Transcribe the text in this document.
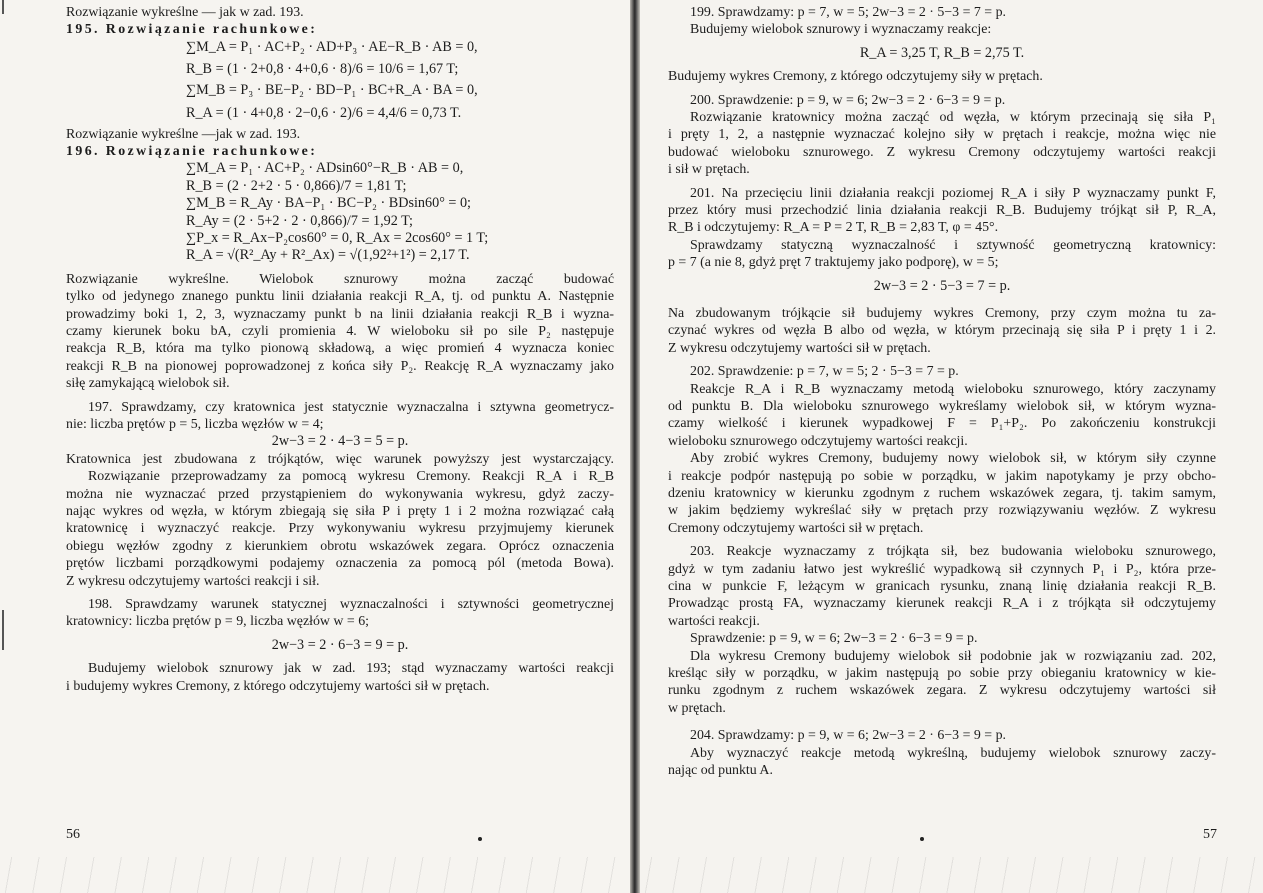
Rozwiązanie wykreślne — jak w zad. 193.
195. Rozwiązanie rachunkowe:
∑M_A = P₁ · AC+P₂ · AD+P₃ · AE−R_B · AB = 0,
R_B = (1 · 2+0,8 · 4+0,6 · 8)/6 = 10/6 = 1,67 T;
∑M_B = P₃ · BE−P₂ · BD−P₁ · BC+R_A · BA = 0,
R_A = (1 · 4+0,8 · 2−0,6 · 2)/6 = 4,4/6 = 0,73 T.
Rozwiązanie wykreślne —jak w zad. 193.
196. Rozwiązanie rachunkowe:
∑M_A = P₁ · AC+P₂ · ADsin60°−R_B · AB = 0,
R_B = (2 · 2+2 · 5 · 0,866)/7 = 1,81 T;
∑M_B = R_Ay · BA−P₁ · BC−P₂ · BDsin60° = 0;
R_Ay = (2 · 5+2 · 2 · 0,866)/7 = 1,92 T;
∑P_x = R_Ax−P₂cos60° = 0, R_Ax = 2cos60° = 1 T;
R_A = √(R²_Ay + R²_Ax) = √(1,92²+1²) = 2,17 T.
Rozwiązanie wykreślne. Wielobok sznurowy można zacząć budować
tylko od jedynego znanego punktu linii działania reakcji R_A, tj. od punktu A. Następnie
prowadzimy boki 1, 2, 3, wyznaczamy punkt b na linii działania reakcji R_B i wyzna-
czamy kierunek boku bA, czyli promienia 4. W wieloboku sił po sile P₂ następuje
reakcja R_B, która ma tylko pionową składową, a więc promień 4 wyznacza koniec
reakcji R_B na pionowej poprowadzonej z końca siły P₂. Reakcję R_A wyznaczamy jako
siłę zamykającą wielobok sił.
197. Sprawdzamy, czy kratownica jest statycznie wyznaczalna i sztywna geometrycz-
nie: liczba prętów p = 5, liczba węzłów w = 4;
2w−3 = 2 · 4−3 = 5 = p.
Kratownica jest zbudowana z trójkątów, więc warunek powyższy jest wystarczający.
Rozwiązanie przeprowadzamy za pomocą wykresu Cremony. Reakcji R_A i R_B
można nie wyznaczać przed przystąpieniem do wykonywania wykresu, gdyż zaczy-
nając wykres od węzła, w którym zbiegają się siła P i pręty 1 i 2 można rozwiązać całą
kratownicę i wyznaczyć reakcje. Przy wykonywaniu wykresu przyjmujemy kierunek
obiegu węzłów zgodny z kierunkiem obrotu wskazówek zegara. Oprócz oznaczenia
prętów liczbami porządkowymi podajemy oznaczenia za pomocą pól (metoda Bowa).
Z wykresu odczytujemy wartości reakcji i sił.
198. Sprawdzamy warunek statycznej wyznaczalności i sztywności geometrycznej
kratownicy: liczba prętów p = 9, liczba węzłów w = 6;
2w−3 = 2 · 6−3 = 9 = p.
Budujemy wielobok sznurowy jak w zad. 193; stąd wyznaczamy wartości reakcji
i budujemy wykres Cremony, z którego odczytujemy wartości sił w prętach.
56
199. Sprawdzamy: p = 7, w = 5; 2w−3 = 2 · 5−3 = 7 = p.
Budujemy wielobok sznurowy i wyznaczamy reakcje:
R_A = 3,25 T, R_B = 2,75 T.
Budujemy wykres Cremony, z którego odczytujemy siły w prętach.
200. Sprawdzenie: p = 9, w = 6; 2w−3 = 2 · 6−3 = 9 = p.
Rozwiązanie kratownicy można zacząć od węzła, w którym przecinają się siła P₁
i pręty 1, 2, a następnie wyznaczać kolejno siły w prętach i reakcje, można więc nie
budować wieloboku sznurowego. Z wykresu Cremony odczytujemy wartości reakcji
i sił w prętach.
201. Na przecięciu linii działania reakcji poziomej R_A i siły P wyznaczamy punkt F,
przez który musi przechodzić linia działania reakcji R_B. Budujemy trójkąt sił P, R_A,
R_B i odczytujemy: R_A = P = 2 T, R_B = 2,83 T, φ = 45°.
Sprawdzamy statyczną wyznaczalność i sztywność geometryczną kratownicy:
p = 7 (a nie 8, gdyż pręt 7 traktujemy jako podporę), w = 5;
2w−3 = 2 · 5−3 = 7 = p.
Na zbudowanym trójkącie sił budujemy wykres Cremony, przy czym można tu za-
czynać wykres od węzła B albo od węzła, w którym przecinają się siła P i pręty 1 i 2.
Z wykresu odczytujemy wartości sił w prętach.
202. Sprawdzenie: p = 7, w = 5; 2 · 5−3 = 7 = p.
Reakcje R_A i R_B wyznaczamy metodą wieloboku sznurowego, który zaczynamy
od punktu B. Dla wieloboku sznurowego wykreślamy wielobok sił, w którym wyzna-
czamy wielkość i kierunek wypadkowej F = P₁+P₂. Po zakończeniu konstrukcji
wieloboku sznurowego odczytujemy wartości reakcji.
Aby zrobić wykres Cremony, budujemy nowy wielobok sił, w którym siły czynne
i reakcje podpór następują po sobie w porządku, w jakim napotykamy je przy obcho-
dzeniu kratownicy w kierunku zgodnym z ruchem wskazówek zegara, tj. takim samym,
w jakim będziemy wykreślać siły w prętach przy rozwiązywaniu węzłów. Z wykresu
Cremony odczytujemy wartości sił w prętach.
203. Reakcje wyznaczamy z trójkąta sił, bez budowania wieloboku sznurowego,
gdyż w tym zadaniu łatwo jest wykreślić wypadkową sił czynnych P₁ i P₂, która prze-
cina w punkcie F, leżącym w granicach rysunku, znaną linię działania reakcji R_B.
Prowadząc prostą FA, wyznaczamy kierunek reakcji R_A i z trójkąta sił odczytujemy
wartości reakcji.
Sprawdzenie: p = 9, w = 6; 2w−3 = 2 · 6−3 = 9 = p.
Dla wykresu Cremony budujemy wielobok sił podobnie jak w rozwiązaniu zad. 202,
kreśląc siły w porządku, w jakim następują po sobie przy obieganiu kratownicy w kie-
runku zgodnym z ruchem wskazówek zegara. Z wykresu odczytujemy wartości sił
w prętach.
204. Sprawdzamy: p = 9, w = 6; 2w−3 = 2 · 6−3 = 9 = p.
Aby wyznaczyć reakcje metodą wykreślną, budujemy wielobok sznurowy zaczy-
nając od punktu A.
57
